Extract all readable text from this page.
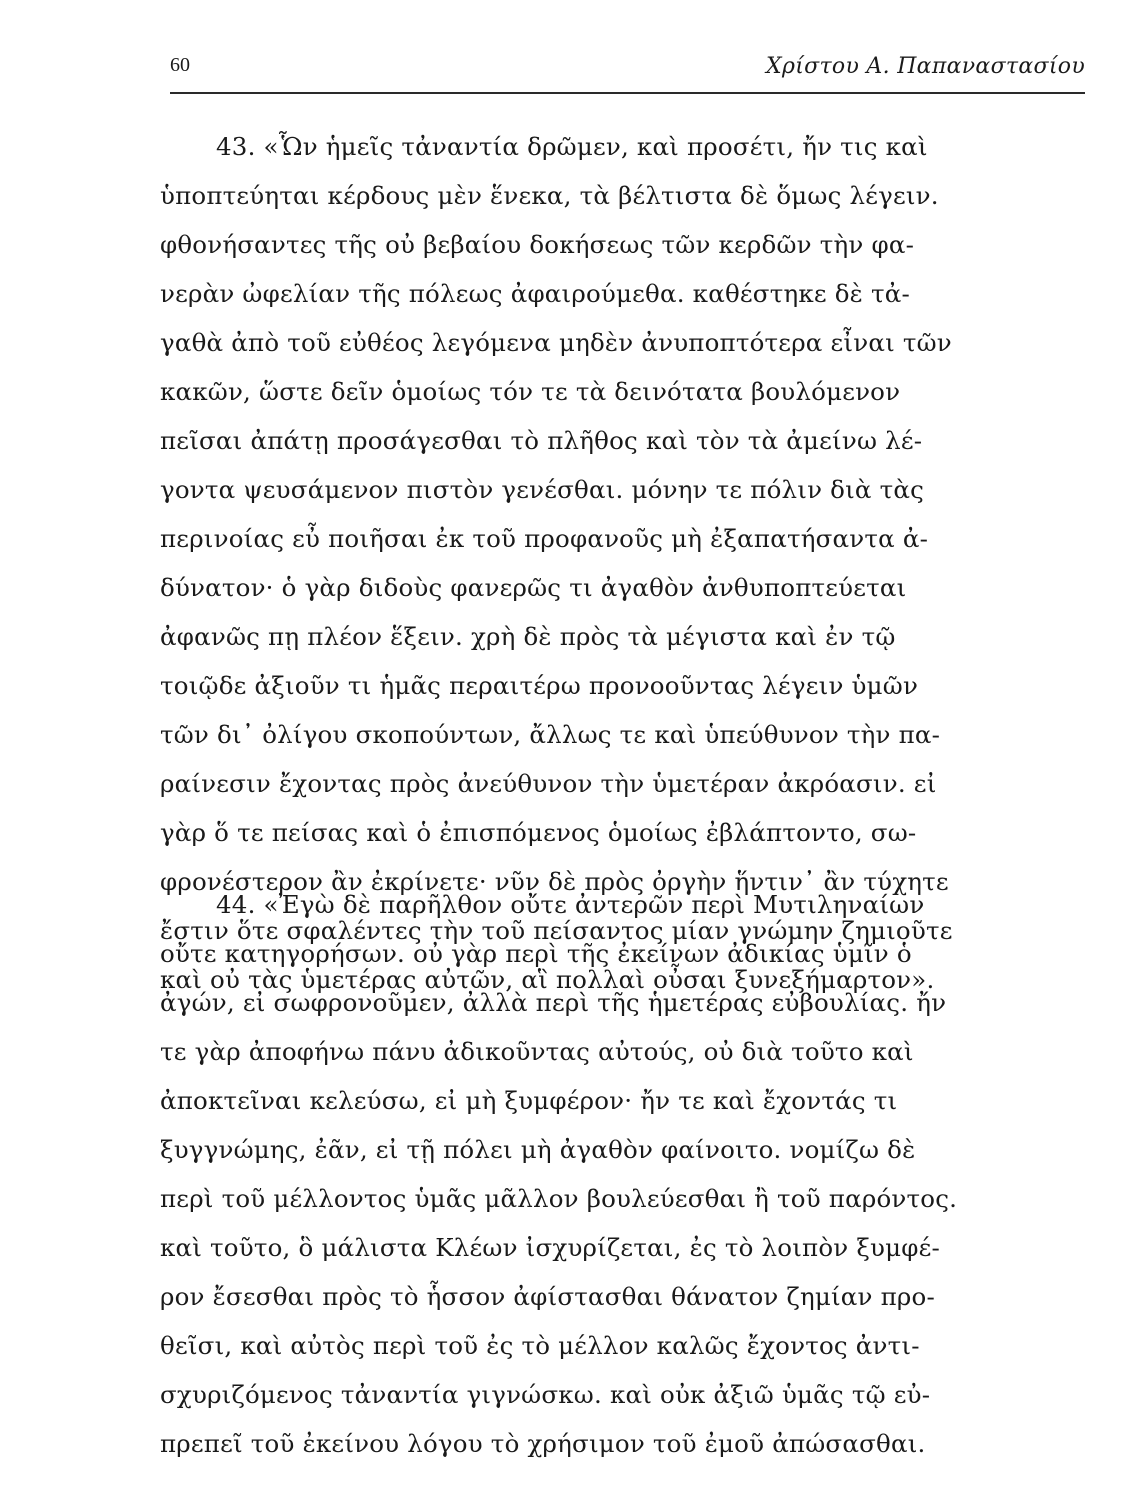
60	Χρίστου Α. Παπαναστασίου
43. «Ὧν ἡμεῖς τἀναντία δρῶμεν, καὶ προσέτι, ἤν τις καὶ
ὑποπτεύηται κέρδους μὲν ἕνεκα, τὰ βέλτιστα δὲ ὅμως λέγειν.
φθονήσαντες τῆς οὐ βεβαίου δοκήσεως τῶν κερδῶν τὴν φα-
νερὰν ὠφελίαν τῆς πόλεως ἀφαιρούμεθα. καθέστηκε δὲ τἀ-
γαθὰ ἀπὸ τοῦ εὐθέος λεγόμενα μηδὲν ἀνυποπτότερα εἶναι τῶν
κακῶν, ὥστε δεῖν ὁμοίως τόν τε τὰ δεινότατα βουλόμενον
πεῖσαι ἀπάτῃ προσάγεσθαι τὸ πλῆθος καὶ τὸν τὰ ἀμείνω λέ-
γοντα ψευσάμενον πιστὸν γενέσθαι. μόνην τε πόλιν διὰ τὰς
περινοίας εὖ ποιῆσαι ἐκ τοῦ προφανοῦς μὴ ἐξαπατήσαντα ἀ-
δύνατον· ὁ γὰρ διδοὺς φανερῶς τι ἀγαθὸν ἀνθυποπτεύεται
ἀφανῶς πῃ πλέον ἕξειν. χρὴ δὲ πρὸς τὰ μέγιστα καὶ ἐν τῷ
τοιῷδε ἀξιοῦν τι ἡμᾶς περαιτέρω προνοοῦντας λέγειν ὑμῶν
τῶν δι᾽ ὀλίγου σκοπούντων, ἄλλως τε καὶ ὑπεύθυνον τὴν πα-
ραίνεσιν ἔχοντας πρὸς ἀνεύθυνον τὴν ὑμετέραν ἀκρόασιν. εἰ
γὰρ ὅ τε πείσας καὶ ὁ ἐπισπόμενος ὁμοίως ἐβλάπτοντο, σω-
φρονέστερον ἂν ἐκρίνετε· νῦν δὲ πρὸς ὀργὴν ἥντιν᾽ ἂν τύχητε
ἔστιν ὅτε σφαλέντες τὴν τοῦ πείσαντος μίαν γνώμην ζημιοῦτε
καὶ οὐ τὰς ὑμετέρας αὐτῶν, αἳ πολλαὶ οὖσαι ξυνεξήμαρτον».
44. «Ἐγὼ δὲ παρῆλθον οὔτε ἀντερῶν περὶ Μυτιληναίων
οὔτε κατηγορήσων. οὐ γὰρ περὶ τῆς ἐκείνων ἀδικίας ὑμῖν ὁ
ἀγών, εἰ σωφρονοῦμεν, ἀλλὰ περὶ τῆς ἡμετέρας εὐβουλίας. ἤν
τε γὰρ ἀποφήνω πάνυ ἀδικοῦντας αὐτούς, οὐ διὰ τοῦτο καὶ
ἀποκτεῖναι κελεύσω, εἰ μὴ ξυμφέρον· ἤν τε καὶ ἔχοντάς τι
ξυγγνώμης, ἐᾶν, εἰ τῇ πόλει μὴ ἀγαθὸν φαίνοιτο. νομίζω δὲ
περὶ τοῦ μέλλοντος ὑμᾶς μᾶλλον βουλεύεσθαι ἢ τοῦ παρόντος.
καὶ τοῦτο, ὃ μάλιστα Κλέων ἰσχυρίζεται, ἐς τὸ λοιπὸν ξυμφέ-
ρον ἔσεσθαι πρὸς τὸ ἧσσον ἀφίστασθαι θάνατον ζημίαν προ-
θεῖσι, καὶ αὐτὸς περὶ τοῦ ἐς τὸ μέλλον καλῶς ἔχοντος ἀντι-
σχυριζόμενος τἀναντία γιγνώσκω. καὶ οὐκ ἀξιῶ ὑμᾶς τῷ εὐ-
πρεπεῖ τοῦ ἐκείνου λόγου τὸ χρήσιμον τοῦ ἐμοῦ ἀπώσασθαι.
